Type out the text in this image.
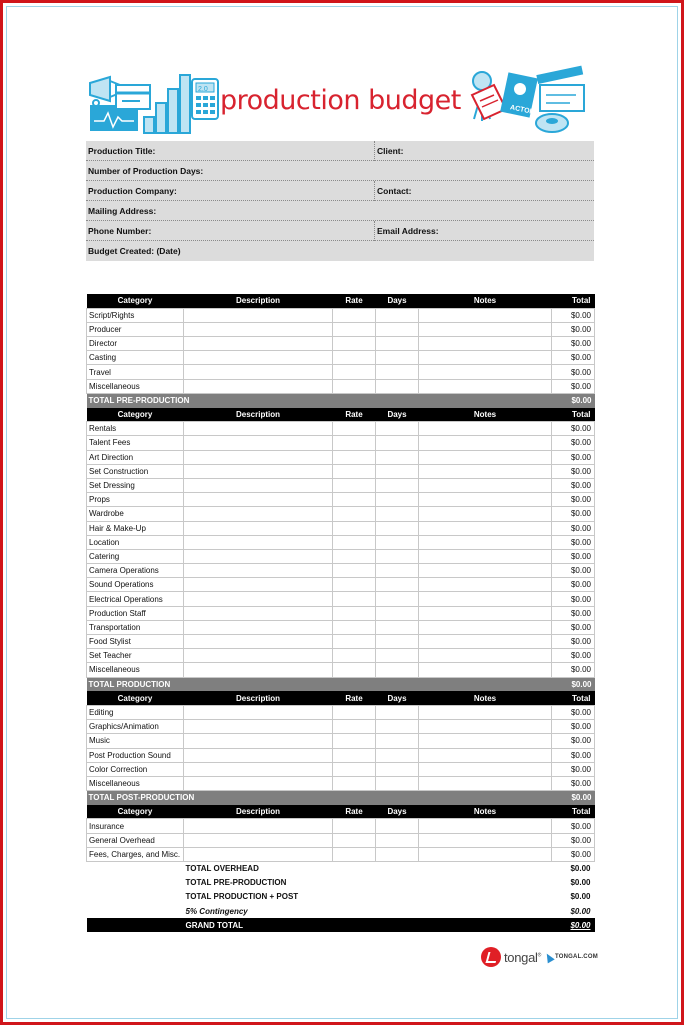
2.0
ACTOR
production budget
Production Title:	Client:
Number of Production Days:
Production Company:	Contact:
Mailing Address:
Phone Number:	Email Address:
Budget Created: (Date)
Category	Description	Rate	Days	Notes	Total
Script/Rights					$0.00
Producer					$0.00
Director					$0.00
Casting					$0.00
Travel					$0.00
Miscellaneous					$0.00
TOTAL PRE-PRODUCTION					$0.00
Category	Description	Rate	Days	Notes	Total
Rentals					$0.00
Talent Fees					$0.00
Art Direction					$0.00
Set Construction					$0.00
Set Dressing					$0.00
Props					$0.00
Wardrobe					$0.00
Hair & Make-Up					$0.00
Location					$0.00
Catering					$0.00
Camera Operations					$0.00
Sound Operations					$0.00
Electrical Operations					$0.00
Production Staff					$0.00
Transportation					$0.00
Food Stylist					$0.00
Set Teacher					$0.00
Miscellaneous					$0.00
TOTAL PRODUCTION					$0.00
Category	Description	Rate	Days	Notes	Total
Editing					$0.00
Graphics/Animation					$0.00
Music					$0.00
Post Production Sound					$0.00
Color Correction					$0.00
Miscellaneous					$0.00
TOTAL POST-PRODUCTION					$0.00
Category	Description	Rate	Days	Notes	Total
Insurance					$0.00
General Overhead					$0.00
Fees, Charges, and Misc.					$0.00
	TOTAL OVERHEAD				$0.00
	TOTAL PRE-PRODUCTION				$0.00
	TOTAL PRODUCTION + POST				$0.00
	5% Contingency				$0.00
	GRAND TOTAL				$0.00
tongal® TONGAL.COM
